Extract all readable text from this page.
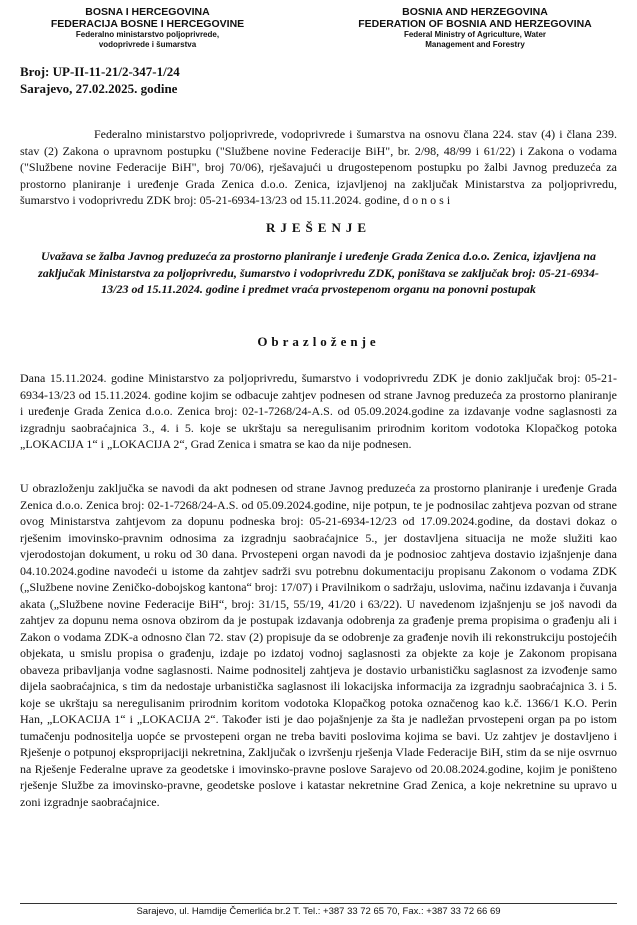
BOSNA I HERCEGOVINA
FEDERACIJA BOSNE I HERCEGOVINE
Federalno ministarstvo poljoprivrede,
vodoprivrede i šumarstva
BOSNIA AND HERZEGOVINA
FEDERATION OF BOSNIA AND HERZEGOVINA
Federal Ministry of Agriculture, Water
Management and Forestry
Broj: UP-II-11-21/2-347-1/24
Sarajevo, 27.02.2025. godine

Federalno ministarstvo poljoprivrede, vodoprivrede i šumarstva na osnovu člana 224. stav (4) i člana 239. stav (2) Zakona o upravnom postupku ("Službene novine Federacije BiH", br. 2/98, 48/99 i 61/22) i Zakona o vodama ("Službene novine Federacije BiH", broj 70/06), rješavajući u drugostepenom postupku po žalbi Javnog preduzeća za prostorno planiranje i uređenje Grada Zenica d.o.o. Zenica, izjavljenoj na zaključak Ministarstva za poljoprivredu, šumarstvo i vodoprivredu ZDK broj: 05-21-6934-13/23 od 15.11.2024. godine, d o n o s i

RJEŠENJE

Uvažava se žalba Javnog preduzeća za prostorno planiranje i uređenje Grada Zenica d.o.o. Zenica, izjavljena na zaključak Ministarstva za poljoprivredu, šumarstvo i vodoprivredu ZDK, poništava se zaključak broj: 05-21-6934-13/23 od 15.11.2024. godine i predmet vraća prvostepenom organu na ponovni postupak

Obrazloženje

Dana 15.11.2024. godine Ministarstvo za poljoprivredu, šumarstvo i vodoprivredu ZDK je donio zaključak broj: 05-21-6934-13/23 od 15.11.2024. godine kojim se odbacuje zahtjev podnesen od strane Javnog preduzeća za prostorno planiranje i uređenje Grada Zenica d.o.o. Zenica broj: 02-1-7268/24-A.S. od 05.09.2024.godine za izdavanje vodne saglasnosti za izgradnju saobraćajnica 3., 4. i 5. koje se ukrštaju sa neregulisanim prirodnim koritom vodotoka Klopačkog potoka „LOKACIJA 1“ i „LOKACIJA 2“, Grad Zenica i smatra se kao da nije podnesen.

U obrazloženju zaključka se navodi da akt podnesen od strane Javnog preduzeća za prostorno planiranje i uređenje Grada Zenica d.o.o. Zenica broj: 02-1-7268/24-A.S. od 05.09.2024.godine, nije potpun, te je podnosilac zahtjeva pozvan od strane ovog Ministarstva zahtjevom za dopunu podneska broj: 05-21-6934-12/23 od 17.09.2024.godine, da dostavi dokaz o rješenim imovinsko-pravnim odnosima za izgradnju saobraćajnice 5., jer dostavljena situacija ne može služiti kao vjerodostojan dokument, u roku od 30 dana. Prvostepeni organ navodi da je podnosioc zahtjeva dostavio izjašnjenje dana 04.10.2024.godine navodeći u istome da zahtjev sadrži svu potrebnu dokumentaciju propisanu Zakonom o vodama ZDK („Službene novine Zeničko-dobojskog kantona“ broj: 17/07) i Pravilnikom o sadržaju, uslovima, načinu izdavanja i čuvanja akata („Službene novine Federacije BiH“, broj: 31/15, 55/19, 41/20 i 63/22). U navedenom izjašnjenju se još navodi da zahtjev za dopunu nema osnova obzirom da je postupak izdavanja odobrenja za građenje prema propisima o građenju ali i Zakon o vodama ZDK-a odnosno član 72. stav (2) propisuje da se odobrenje za građenje novih ili rekonstrukciju postojećih objekata, u smislu propisa o građenju, izdaje po izdatoj vodnoj saglasnosti za objekte za koje je Zakonom propisana obaveza pribavljanja vodne saglasnosti. Naime podnositelj zahtjeva je dostavio urbanističku saglasnost za izvođenje samo dijela saobraćajnica, s tim da nedostaje urbanistička saglasnost ili lokacijska informacija za izgradnju saobraćajnica 3. i 5. koje se ukrštaju sa neregulisanim prirodnim koritom vodotoka Klopačkog potoka označenog kao k.č. 1366/1 K.O. Perin Han, „LOKACIJA 1“ i „LOKACIJA 2“. Također isti je dao pojašnjenje za šta je nadležan prvostepeni organ pa po istom tumačenju podnositelja uopće se prvostepeni organ ne treba baviti poslovima kojima se bavi. Uz zahtjev je dostavljeno i Rješenje o potpunoj eksproprijaciji nekretnina, Zaključak o izvršenju rješenja Vlade Federacije BiH, stim da se nije osvrnuo na Rješenje Federalne uprave za geodetske i imovinsko-pravne poslove Sarajevo od 20.08.2024.godine, kojim je poništeno rješenje Službe za imovinsko-pravne, geodetske poslove i katastar nekretnine Grad Zenica, a koje nekretnine su upravo u zoni izgradnje saobraćajnice.

Sarajevo, ul. Hamdije Čemerlića br.2 T. Tel.: +387 33 72 65 70, Fax.: +387 33 72 66 69
